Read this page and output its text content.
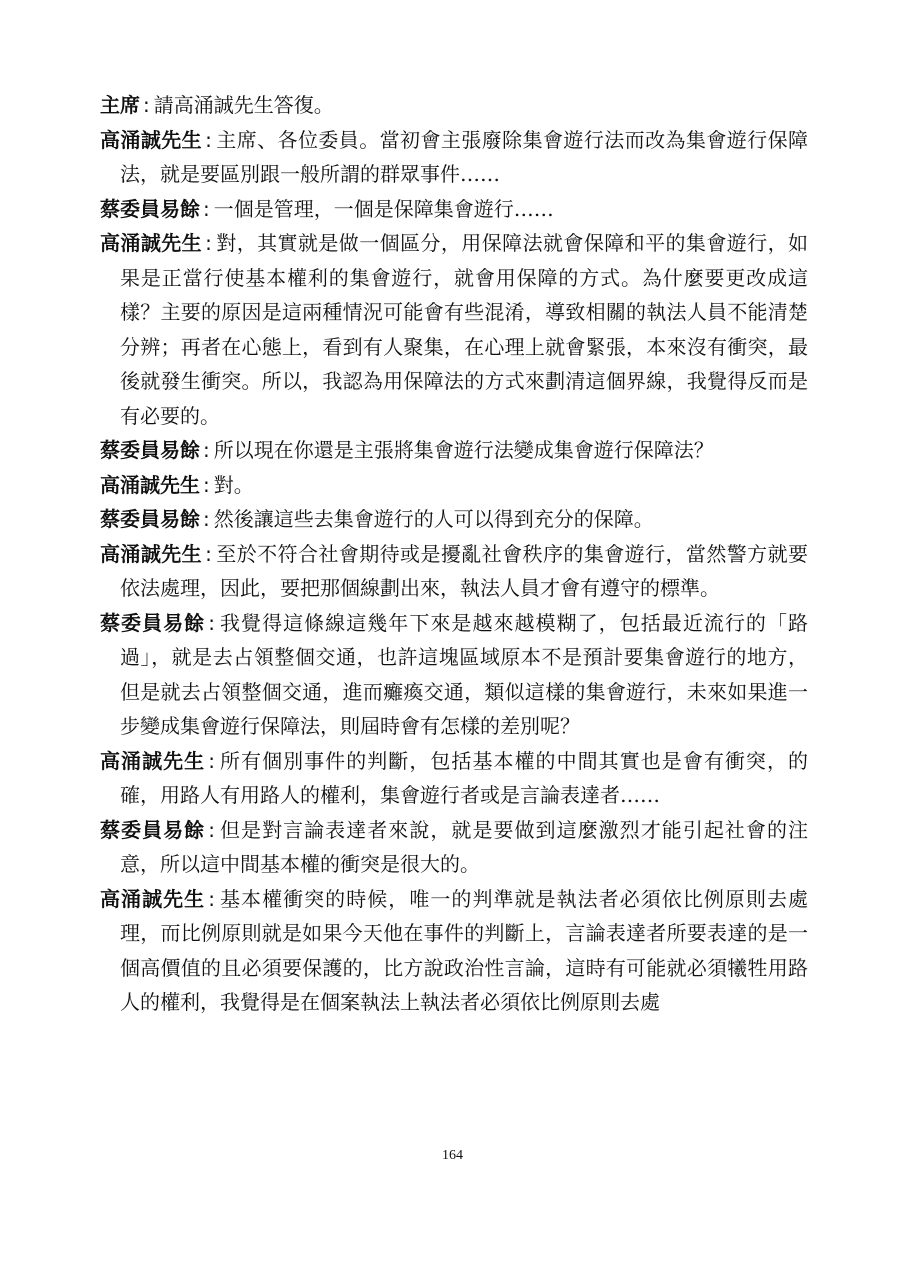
主席 : 請高涌誠先生答復。

高涌誠先生 : 主席、各位委員。當初會主張廢除集會遊行法而改為集會遊行保障法，就是要區別跟一般所謂的群眾事件……

蔡委員易餘 : 一個是管理，一個是保障集會遊行……

高涌誠先生 : 對，其實就是做一個區分，用保障法就會保障和平的集會遊行，如果是正當行使基本權利的集會遊行，就會用保障的方式。為什麼要更改成這樣？主要的原因是這兩種情況可能會有些混淆，導致相關的執法人員不能清楚分辨；再者在心態上，看到有人聚集，在心理上就會緊張，本來沒有衝突，最後就發生衝突。所以，我認為用保障法的方式來劃清這個界線，我覺得反而是有必要的。

蔡委員易餘 : 所以現在你還是主張將集會遊行法變成集會遊行保障法？

高涌誠先生 : 對。

蔡委員易餘 : 然後讓這些去集會遊行的人可以得到充分的保障。

高涌誠先生 : 至於不符合社會期待或是擾亂社會秩序的集會遊行，當然警方就要依法處理，因此，要把那個線劃出來，執法人員才會有遵守的標準。

蔡委員易餘 : 我覺得這條線這幾年下來是越來越模糊了，包括最近流行的「路過」，就是去占領整個交通，也許這塊區域原本不是預計要集會遊行的地方，但是就去占領整個交通，進而癱瘓交通，類似這樣的集會遊行，未來如果進一步變成集會遊行保障法，則屆時會有怎樣的差別呢？

高涌誠先生 : 所有個別事件的判斷，包括基本權的中間其實也是會有衝突，的確，用路人有用路人的權利，集會遊行者或是言論表達者……

蔡委員易餘 : 但是對言論表達者來說，就是要做到這麼激烈才能引起社會的注意，所以這中間基本權的衝突是很大的。

高涌誠先生 : 基本權衝突的時候，唯一的判準就是執法者必須依比例原則去處理，而比例原則就是如果今天他在事件的判斷上，言論表達者所要表達的是一個高價值的且必須要保護的，比方說政治性言論，這時有可能就必須犧牲用路人的權利，我覺得是在個案執法上執法者必須依比例原則去處

164
